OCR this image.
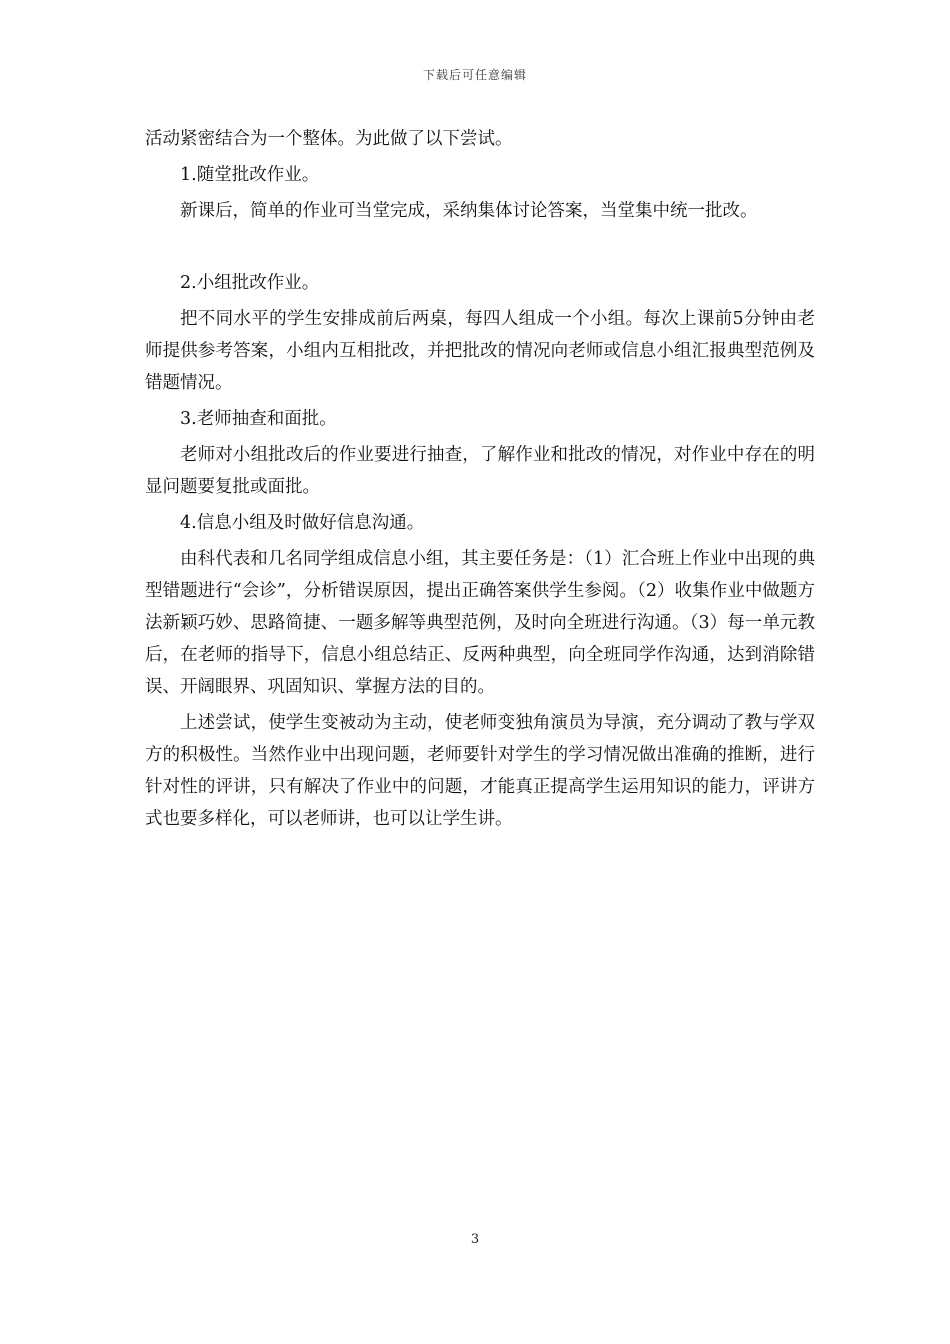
下载后可任意编辑

活动紧密结合为一个整体。为此做了以下尝试。

1.随堂批改作业。

新课后，简单的作业可当堂完成，采纳集体讨论答案，当堂集中统一批改。

2.小组批改作业。

把不同水平的学生安排成前后两桌，每四人组成一个小组。每次上课前5分钟由老师提供参考答案，小组内互相批改，并把批改的情况向老师或信息小组汇报典型范例及错题情况。

3.老师抽查和面批。

老师对小组批改后的作业要进行抽查，了解作业和批改的情况，对作业中存在的明显问题要复批或面批。

4.信息小组及时做好信息沟通。

由科代表和几名同学组成信息小组，其主要任务是：（1）汇合班上作业中出现的典型错题进行“会诊”，分析错误原因，提出正确答案供学生参阅。（2）收集作业中做题方法新颖巧妙、思路简捷、一题多解等典型范例，及时向全班进行沟通。（3）每一单元教后，在老师的指导下，信息小组总结正、反两种典型，向全班同学作沟通，达到消除错误、开阔眼界、巩固知识、掌握方法的目的。

上述尝试，使学生变被动为主动，使老师变独角演员为导演，充分调动了教与学双方的积极性。当然作业中出现问题，老师要针对学生的学习情况做出准确的推断，进行针对性的评讲，只有解决了作业中的问题，才能真正提高学生运用知识的能力，评讲方式也要多样化，可以老师讲，也可以让学生讲。

3
